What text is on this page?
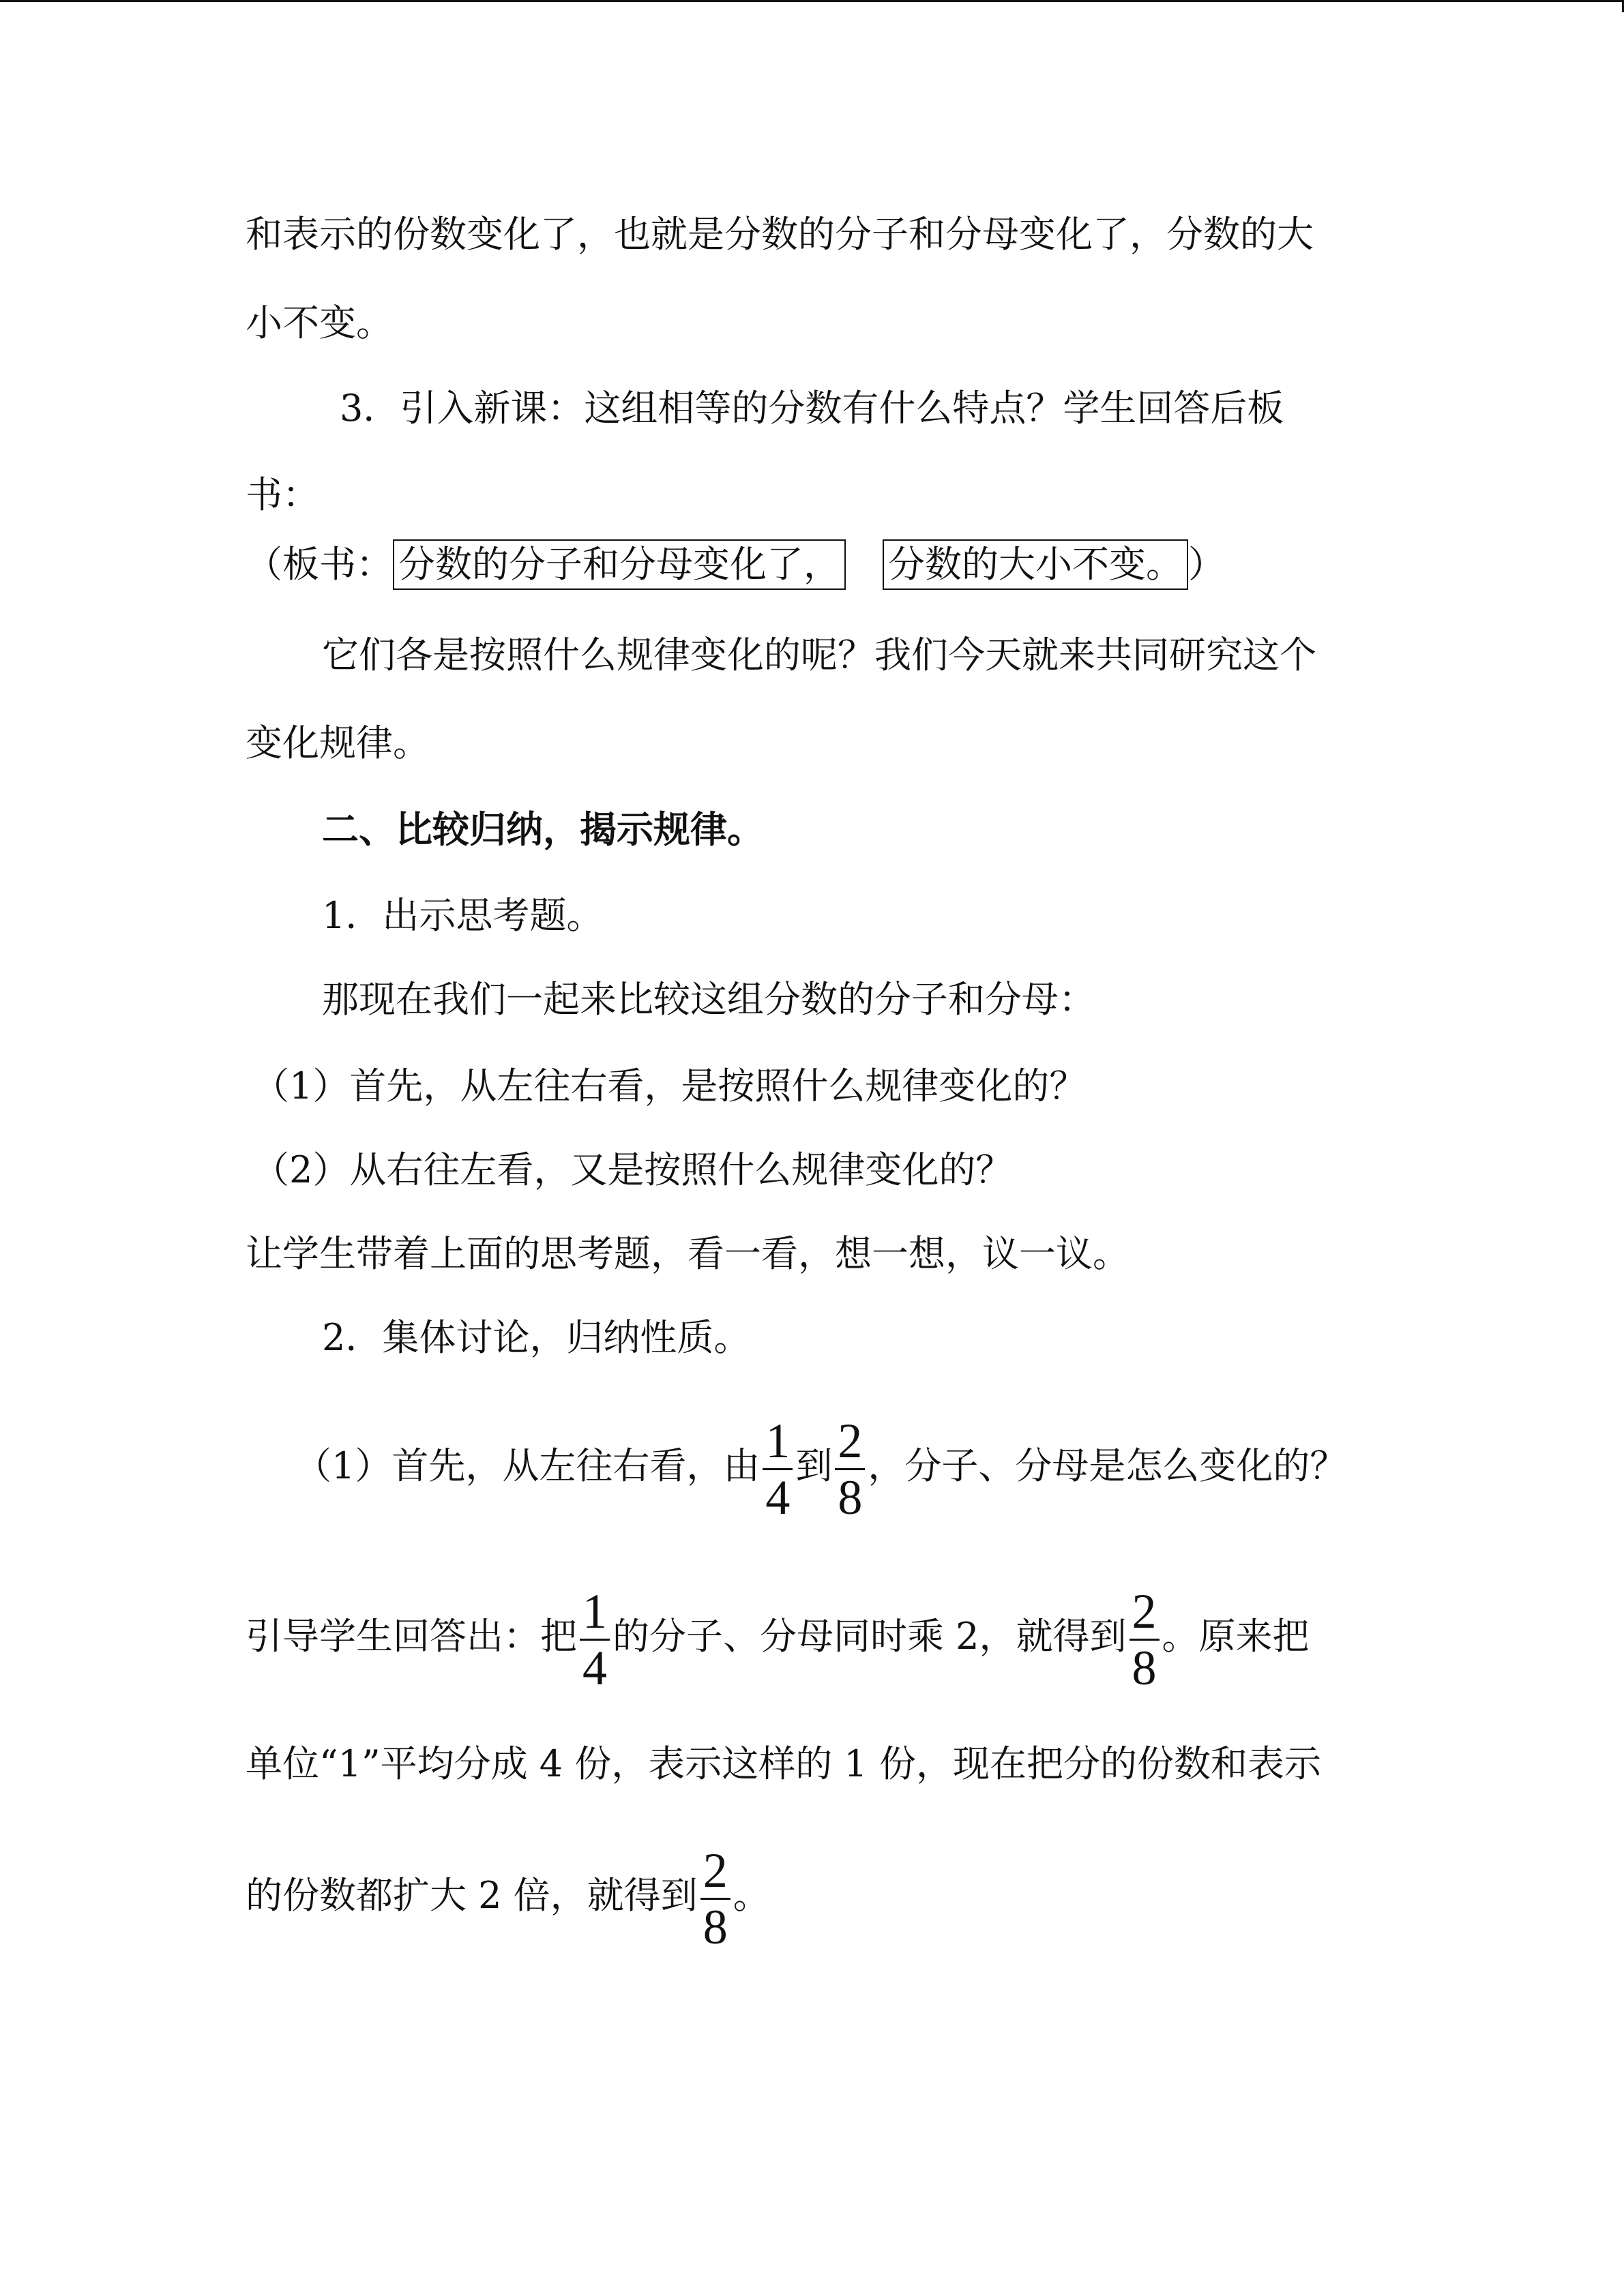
和表示的份数变化了，也就是分数的分子和分母变化了，分数的大
小不变。
3．引入新课：这组相等的分数有什么特点？学生回答后板
书：
（板书： 分数的分子和分母变化了， 分数的大小不变。 ）
它们各是按照什么规律变化的呢？我们今天就来共同研究这个
变化规律。
二、比较归纳，揭示规律。
1．出示思考题。
那现在我们一起来比较这组分数的分子和分母：
（1）首先，从左往右看，是按照什么规律变化的？
（2）从右往左看，又是按照什么规律变化的？
让学生带着上面的思考题，看一看，想一想，议一议。
2．集体讨论，归纳性质。
（1）首先，从左往右看，由 $\frac{1}{4}$ 到 $\frac{2}{8}$ ，分子、分母是怎么变化的？
引导学生回答出：把 $\frac{1}{4}$ 的分子、分母同时乘 2，就得到 $\frac{2}{8}$ 。原来把
单位“1”平均分成 4 份，表示这样的 1 份，现在把分的份数和表示
的份数都扩大 2 倍，就得到 $\frac{2}{8}$ 。
